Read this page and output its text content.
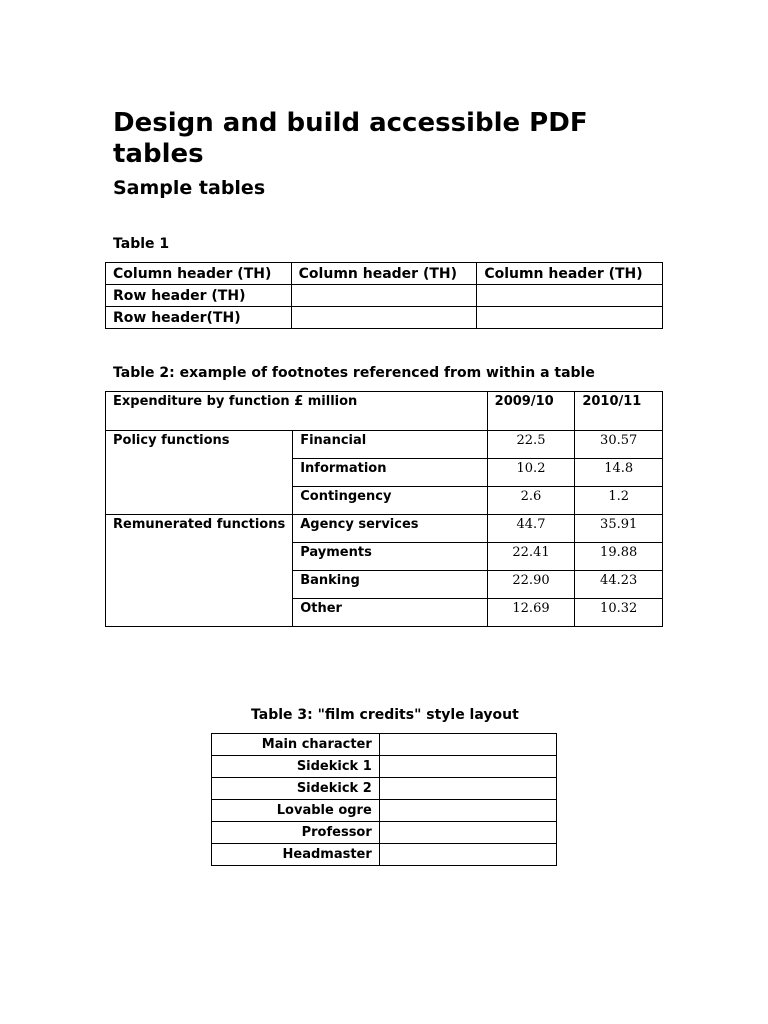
Design and build accessible PDF tables
Sample tables

Table 1

Column header (TH)	Column header (TH)	Column header (TH)
Row header (TH)		
Row header(TH)		

Table 2: example of footnotes referenced from within a table

Expenditure by function £ million		2009/10	2010/11
Policy functions	Financial	22.5	30.57
	Information	10.2	14.8
	Contingency	2.6	1.2
Remunerated functions	Agency services	44.7	35.91
	Payments	22.41	19.88
	Banking	22.90	44.23
	Other	12.69	10.32

Table 3: "film credits" style layout

Main character	
Sidekick 1	
Sidekick 2	
Lovable ogre	
Professor	
Headmaster	
